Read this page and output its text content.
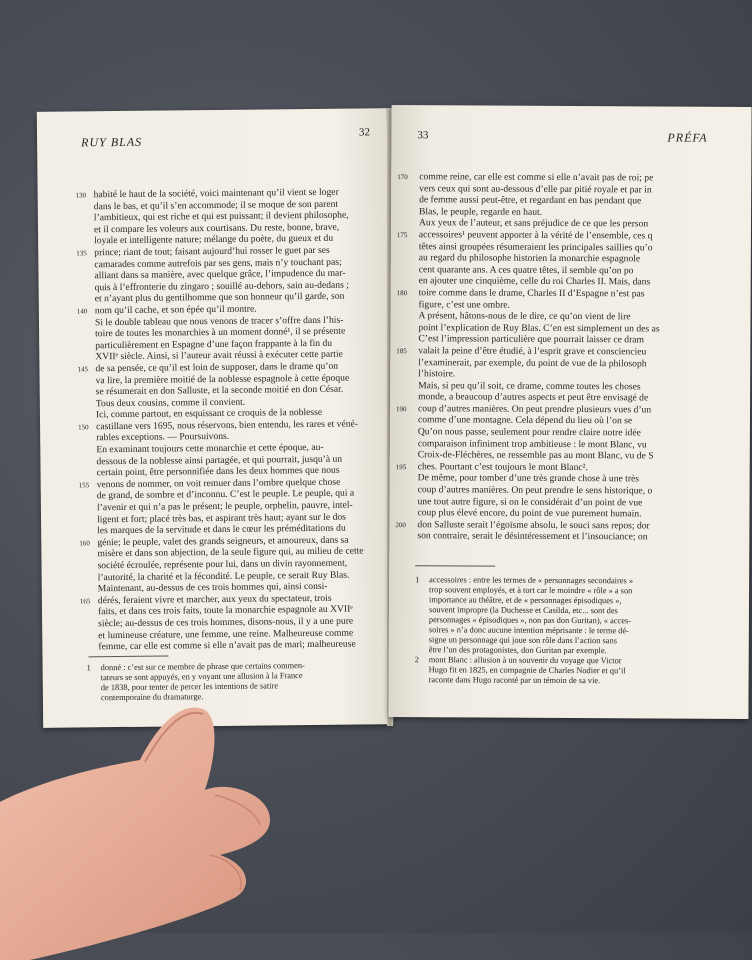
RUY BLAS
32
130 habité le haut de la société, voici maintenant qu’il vient se loger
dans le bas, et qu’il s’en accommode; il se moque de son parent
l’ambitieux, qui est riche et qui est puissant; il devient philosophe,
et il compare les voleurs aux courtisans. Du reste, bonne, brave,
loyale et intelligente nature; mélange du poète, du gueux et du
135 prince; riant de tout; faisant aujourd’hui rosser le guet par ses
camarades comme autrefois par ses gens, mais n’y touchant pas;
alliant dans sa manière, avec quelque grâce, l’impudence du mar-
quis à l’effronterie du zingaro ; souillé au-dehors, sain au-dedans ;
et n’ayant plus du gentilhomme que son honneur qu’il garde, son
140 nom qu’il cache, et son épée qu’il montre.
Si le double tableau que nous venons de tracer s’offre dans l’his-
toire de toutes les monarchies à un moment donné¹, il se présente
particulièrement en Espagne d’une façon frappante à la fin du
XVIIᵉ siècle. Ainsi, si l’auteur avait réussi à exécuter cette partie
145 de sa pensée, ce qu’il est loin de supposer, dans le drame qu’on
va lire, la première moitié de la noblesse espagnole à cette époque
se résumerait en don Salluste, et la seconde moitié en don César.
Tous deux cousins, comme il convient.
Ici, comme partout, en esquissant ce croquis de la noblesse
150 castillane vers 1695, nous réservons, bien entendu, les rares et véné-
rables exceptions. — Poursuivons.
En examinant toujours cette monarchie et cette époque, au-
dessous de la noblesse ainsi partagée, et qui pourrait, jusqu’à un
certain point, être personnifiée dans les deux hommes que nous
155 venons de nommer, on voit remuer dans l’ombre quelque chose
de grand, de sombre et d’inconnu. C’est le peuple. Le peuple, qui a
l’avenir et qui n’a pas le présent; le peuple, orphelin, pauvre, intel-
ligent et fort; placé très bas, et aspirant très haut; ayant sur le dos
les marques de la servitude et dans le cœur les préméditations du
160 génie; le peuple, valet des grands seigneurs, et amoureux, dans sa
misère et dans son abjection, de la seule figure qui, au milieu de cette
société écroulée, représente pour lui, dans un divin rayonnement,
l’autorité, la charité et la fécondité. Le peuple, ce serait Ruy Blas.
Maintenant, au-dessus de ces trois hommes qui, ainsi consi-
165 dérés, feraient vivre et marcher, aux yeux du spectateur, trois
faits, et dans ces trois faits, toute la monarchie espagnole au XVIIᵉ
siècle; au-dessus de ces trois hommes, disons-nous, il y a une pure
et lumineuse créature, une femme, une reine. Malheureuse comme
femme, car elle est comme si elle n’avait pas de mari; malheureuse
1 donné : c’est sur ce membre de phrase que certains commen-
tateurs se sont appuyés, en y voyant une allusion à la France
de 1838, pour tenter de percer les intentions de satire
contemporaine du dramaturge.
PRÉFA
33
170 comme reine, car elle est comme si elle n’avait pas de roi; pe
vers ceux qui sont au-dessous d’elle par pitié royale et par in
de femme aussi peut-être, et regardant en bas pendant que
Blas, le peuple, regarde en haut.
Aux yeux de l’auteur, et sans préjudice de ce que les person
175 accessoires¹ peuvent apporter à la vérité de l’ensemble, ces q
têtes ainsi groupées résumeraient les principales saillies qu’o
au regard du philosophe historien la monarchie espagnole
cent quarante ans. A ces quatre têtes, il semble qu’on po
en ajouter une cinquième, celle du roi Charles II. Mais, dans
180 toire comme dans le drame, Charles II d’Espagne n’est pas
figure, c’est une ombre.
A présent, hâtons-nous de le dire, ce qu’on vient de lire
point l’explication de Ruy Blas. C’en est simplement un des as
C’est l’impression particulière que pourrait laisser ce dram
185 valait la peine d’être étudié, à l’esprit grave et consciencieu
l’examinerait, par exemple, du point de vue de la philosoph
l’histoire.
Mais, si peu qu’il soit, ce drame, comme toutes les choses
monde, a beaucoup d’autres aspects et peut être envisagé de
190 coup d’autres manières. On peut prendre plusieurs vues d’un
comme d’une montagne. Cela dépend du lieu où l’on se
Qu’on nous passe, seulement pour rendre claire notre idée
comparaison infiniment trop ambitieuse : le mont Blanc, vu
Croix-de-Fléchères, ne ressemble pas au mont Blanc, vu de S
195 ches. Pourtant c’est toujours le mont Blanc².
De même, pour tomber d’une très grande chose à une très
coup d’autres manières. On peut prendre le sens historique, o
une tout autre figure, si on le considérait d’un point de vue
coup plus élevé encore, du point de vue purement humain.
200 don Salluste serait l’égoïsme absolu, le souci sans repos; dor
son contraire, serait le désintéressement et l’insouciance; on
1 accessoires : entre les termes de « personnages secondaires »
trop souvent employés, et à tort car le moindre « rôle » a son
importance au théâtre, et de « personnages épisodiques »,
souvent impropre (la Duchesse et Casilda, etc... sont des
personnages « épisodiques », non pas don Guritan), « acces-
soires » n’a donc aucune intention méprisante : le terme dé-
signe un personnage qui joue son rôle dans l’action sans
être l’un des protagonistes, don Guritan par exemple.
2 mont Blanc : allusion à un souvenir du voyage que Victor
Hugo fit en 1825, en compagnie de Charles Nodier et qu’il
raconte dans Hugo raconté par un témoin de sa vie.
